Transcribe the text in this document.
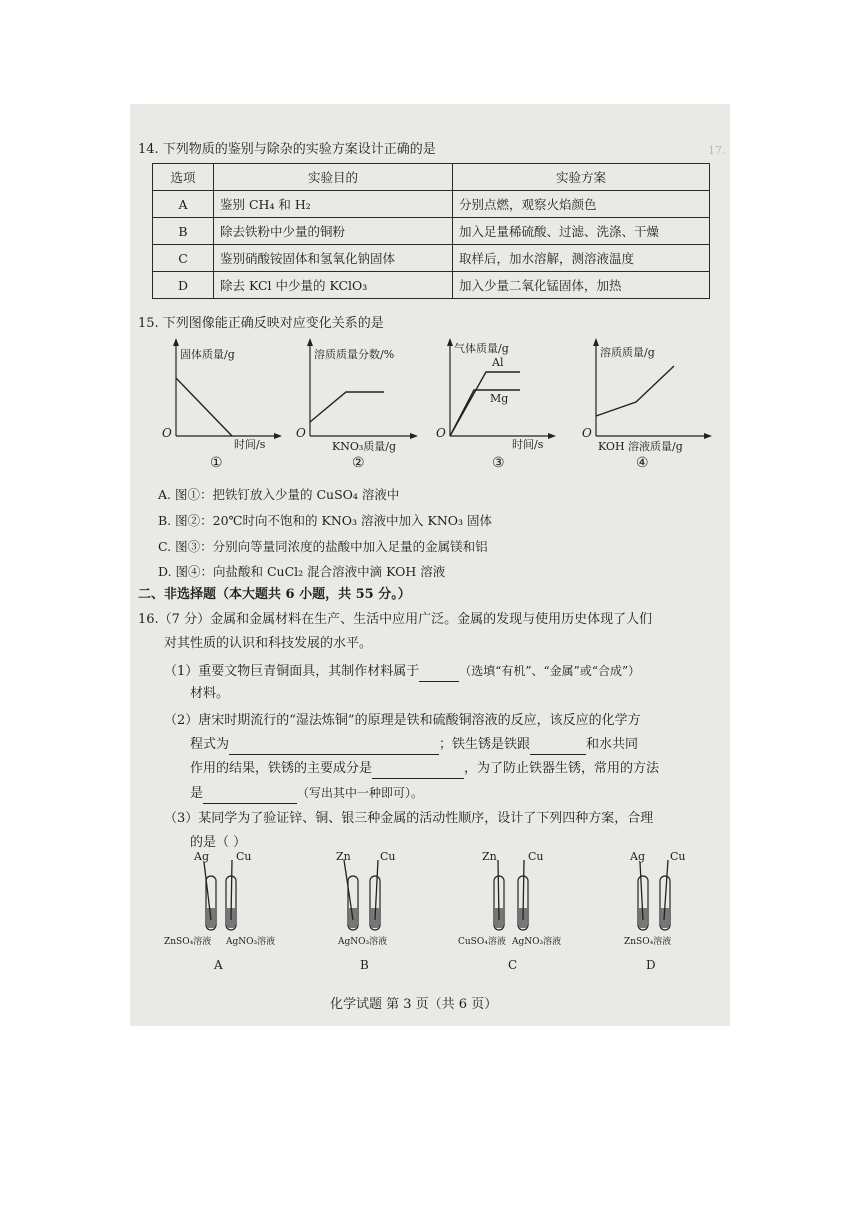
17.
14. 下列物质的鉴别与除杂的实验方案设计正确的是
选项	实验目的	实验方案
A	鉴别 CH₄ 和 H₂	分别点燃，观察火焰颜色
B	除去铁粉中少量的铜粉	加入足量稀硫酸、过滤、洗涤、干燥
C	鉴别硝酸铵固体和氢氧化钠固体	取样后，加水溶解，测溶液温度
D	除去 KCl 中少量的 KClO₃	加入少量二氧化锰固体，加热
15. 下列图像能正确反映对应变化关系的是
固体质量/g
O
时间/s
①
溶质质量分数/%
O
KNO₃质量/g
②
气体质量/g
Al
Mg
O
时间/s
③
溶质质量/g
O
KOH 溶液质量/g
④
A. 图①：把铁钉放入少量的 CuSO₄ 溶液中
B. 图②：20℃时向不饱和的 KNO₃ 溶液中加入 KNO₃ 固体
C. 图③：分别向等量同浓度的盐酸中加入足量的金属镁和铝
D. 图④：向盐酸和 CuCl₂ 混合溶液中滴 KOH 溶液
二、非选择题（本大题共 6 小题，共 55 分。）
16.（7 分）金属和金属材料在生产、生活中应用广泛。金属的发现与使用历史体现了人们
对其性质的认识和科技发展的水平。
（1）重要文物巨青铜面具，其制作材料属于	（选填“有机”、“金属”或“合成”）
材料。
（2）唐宋时期流行的“湿法炼铜”的原理是铁和硫酸铜溶液的反应，该反应的化学方
程式为	；铁生锈是铁跟	和水共同
作用的结果，铁锈的主要成分是	，为了防止铁器生锈，常用的方法
是	（写出其中一种即可）。
（3）某同学为了验证锌、铜、银三种金属的活动性顺序，设计了下列四种方案，合理
的是（ ）
Ag Cu
ZnSO₄溶液 AgNO₃溶液
A
Zn	Cu
AgNO₃溶液
B
Zn	Cu
CuSO₄溶液 AgNO₃溶液
C
Ag Cu
ZnSO₄溶液
D
化学试题 第 3 页（共 6 页）
